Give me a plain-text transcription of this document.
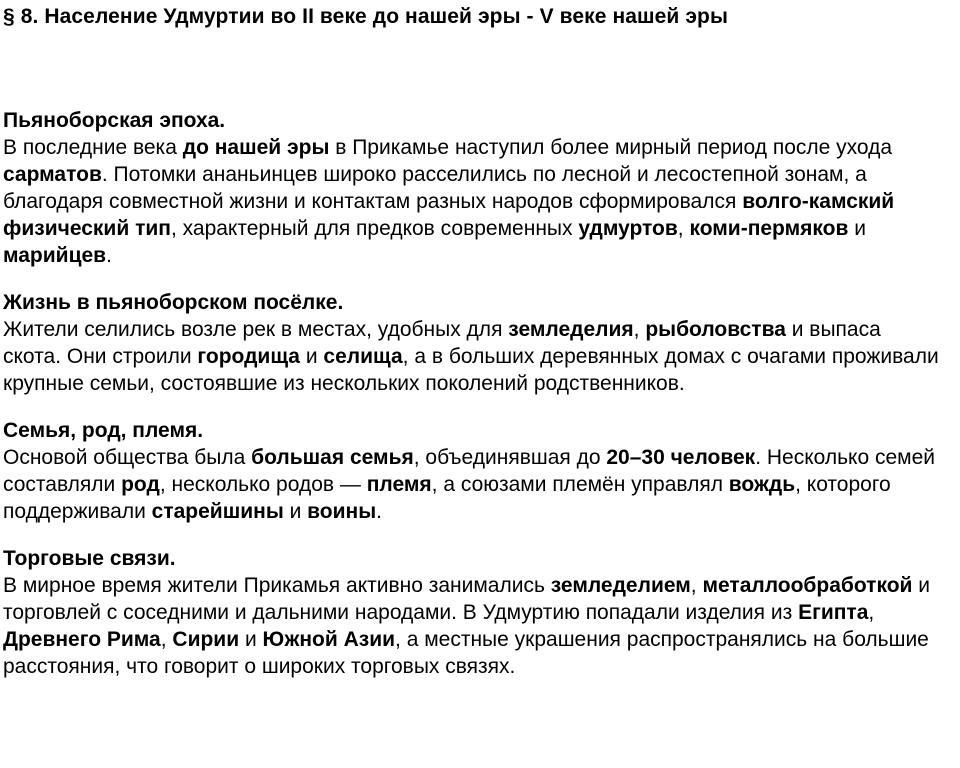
§ 8. Население Удмуртии во II веке до нашей эры - V веке нашей эры

Пьяноборская эпоха.

В последние века до нашей эры в Прикамье наступил более мирный период после ухода сарматов. Потомки ананьинцев широко расселились по лесной и лесостепной зонам, а благодаря совместной жизни и контактам разных народов сформировался волго-камский физический тип, характерный для предков современных удмуртов, коми-пермяков и марийцев.

Жизнь в пьяноборском посёлке.

Жители селились возле рек в местах, удобных для земледелия, рыболовства и выпаса скота. Они строили городища и селища, а в больших деревянных домах с очагами проживали крупные семьи, состоявшие из нескольких поколений родственников.

Семья, род, племя.

Основой общества была большая семья, объединявшая до 20–30 человек. Несколько семей составляли род, несколько родов — племя, а союзами племён управлял вождь, которого поддерживали старейшины и воины.

Торговые связи.

В мирное время жители Прикамья активно занимались земледелием, металлообработкой и торговлей с соседними и дальними народами. В Удмуртию попадали изделия из Египта, Древнего Рима, Сирии и Южной Азии, а местные украшения распространялись на большие расстояния, что говорит о широких торговых связях.
